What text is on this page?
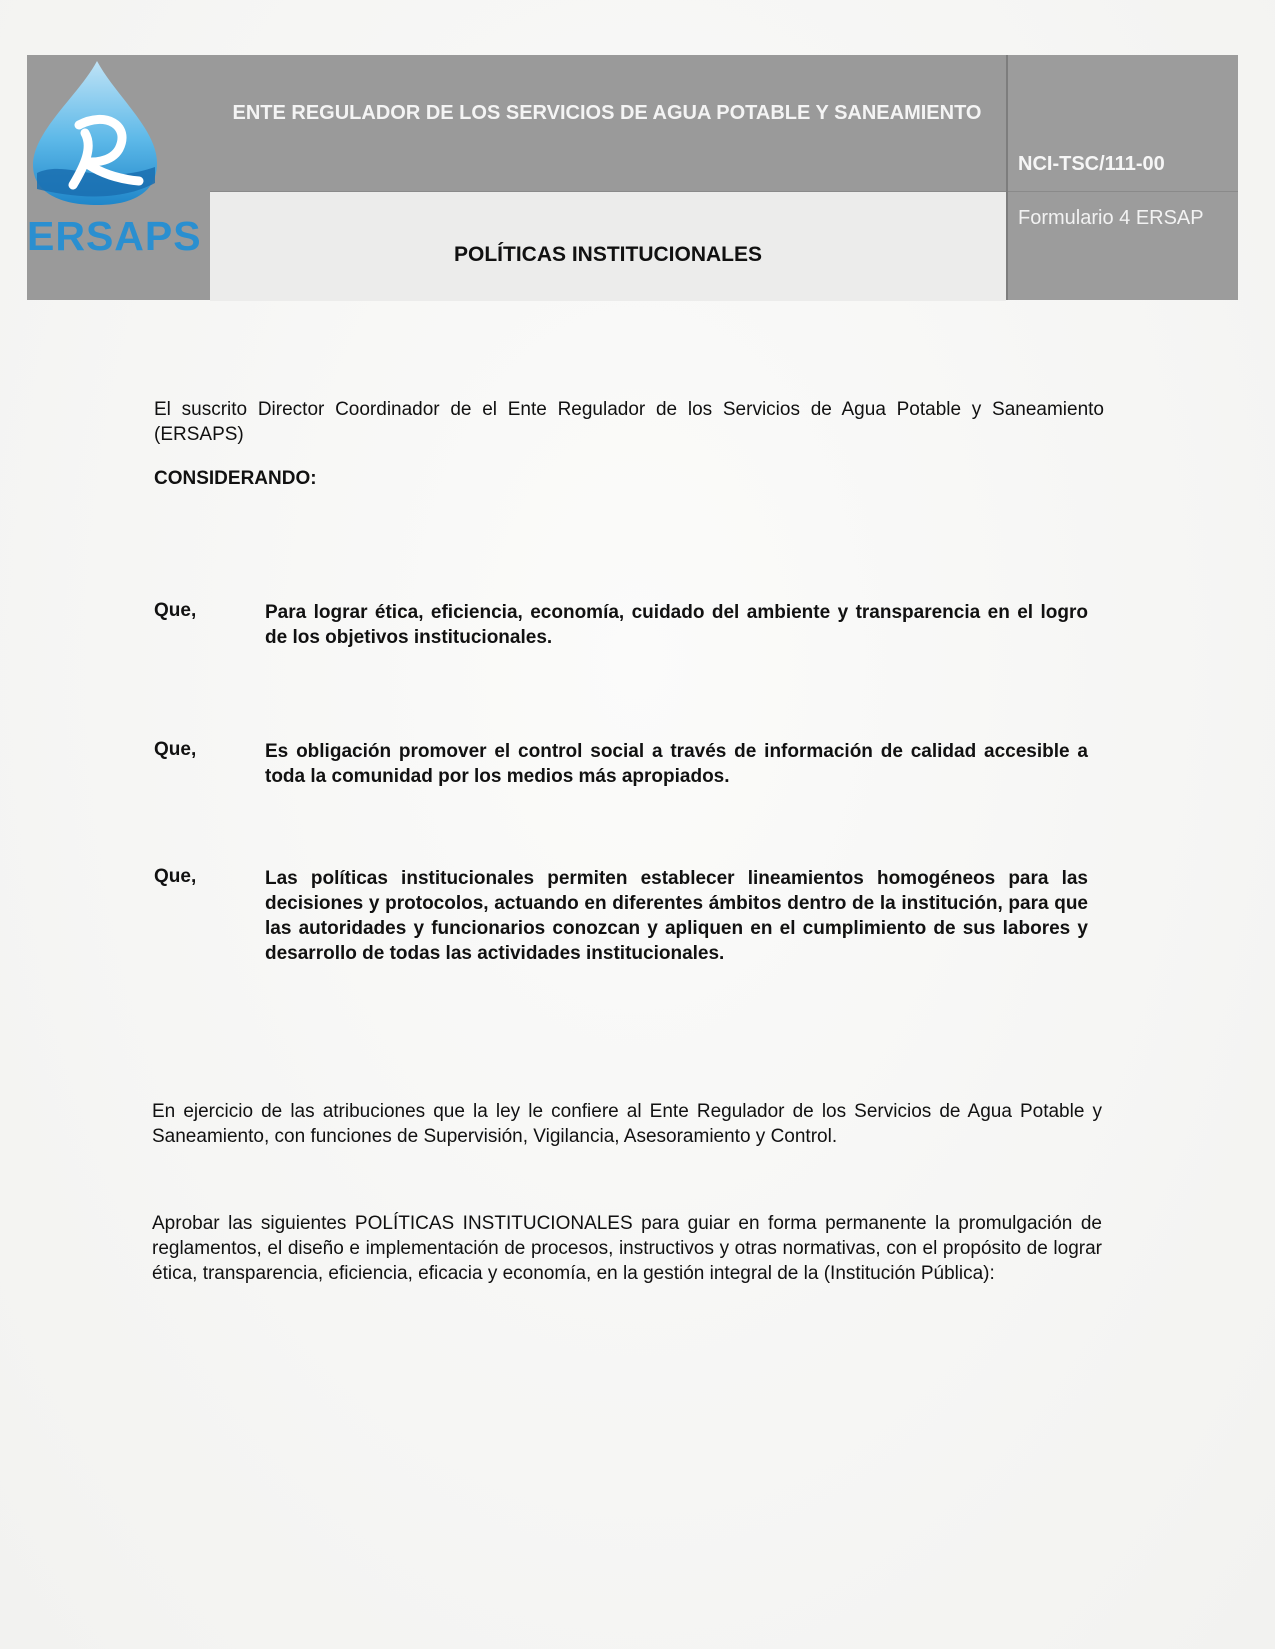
ERSAPS
ENTE REGULADOR DE LOS SERVICIOS DE AGUA POTABLE Y SANEAMIENTO
POLÍTICAS INSTITUCIONALES
NCI-TSC/111-00
Formulario 4 ERSAP
El suscrito Director Coordinador de el Ente Regulador de los Servicios de Agua Potable y Saneamiento (ERSAPS)
CONSIDERANDO:
Que,	Para lograr ética, eficiencia, economía, cuidado del ambiente y transparencia en el logro de los objetivos institucionales.
Que,	Es obligación promover el control social a través de información de calidad accesible a toda la comunidad por los medios más apropiados.
Que,	Las políticas institucionales permiten establecer lineamientos homogéneos para las decisiones y protocolos, actuando en diferentes ámbitos dentro de la institución, para que las autoridades y funcionarios conozcan y apliquen en el cumplimiento de sus labores y desarrollo de todas las actividades institucionales.
En ejercicio de las atribuciones que la ley le confiere al Ente Regulador de los Servicios de Agua Potable y Saneamiento, con funciones de Supervisión, Vigilancia, Asesoramiento y Control.
Aprobar las siguientes POLÍTICAS INSTITUCIONALES para guiar en forma permanente la promulgación de reglamentos, el diseño e implementación de procesos, instructivos y otras normativas, con el propósito de lograr ética, transparencia, eficiencia, eficacia y economía, en la gestión integral de la (Institución Pública):
